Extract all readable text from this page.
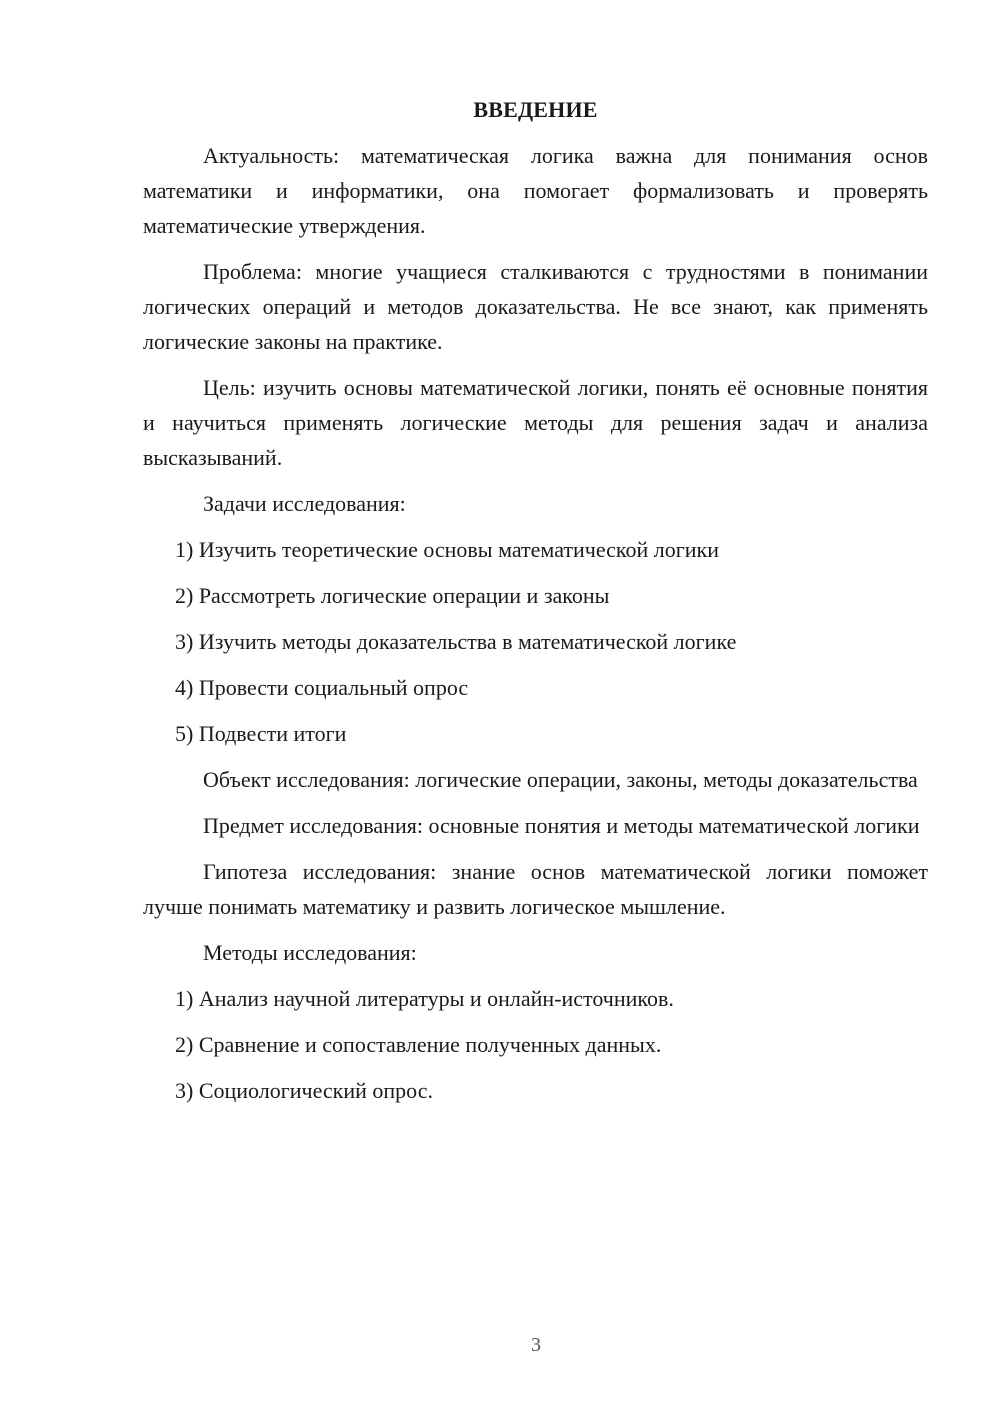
ВВЕДЕНИЕ

Актуальность: математическая логика важна для понимания основ математики и информатики, она помогает формализовать и проверять математические утверждения.

Проблема: многие учащиеся сталкиваются с трудностями в понимании логических операций и методов доказательства. Не все знают, как применять логические законы на практике.

Цель: изучить основы математической логики, понять её основные понятия и научиться применять логические методы для решения задач и анализа высказываний.

Задачи исследования:

1) Изучить теоретические основы математической логики

2) Рассмотреть логические операции и законы

3) Изучить методы доказательства в математической логике

4) Провести социальный опрос

5) Подвести итоги

Объект исследования: логические операции, законы, методы доказательства

Предмет исследования: основные понятия и методы математической логики

Гипотеза исследования: знание основ математической логики поможет лучше понимать математику и развить логическое мышление.

Методы исследования:

1) Анализ научной литературы и онлайн-источников.

2) Сравнение и сопоставление полученных данных.

3) Социологический опрос.

3
